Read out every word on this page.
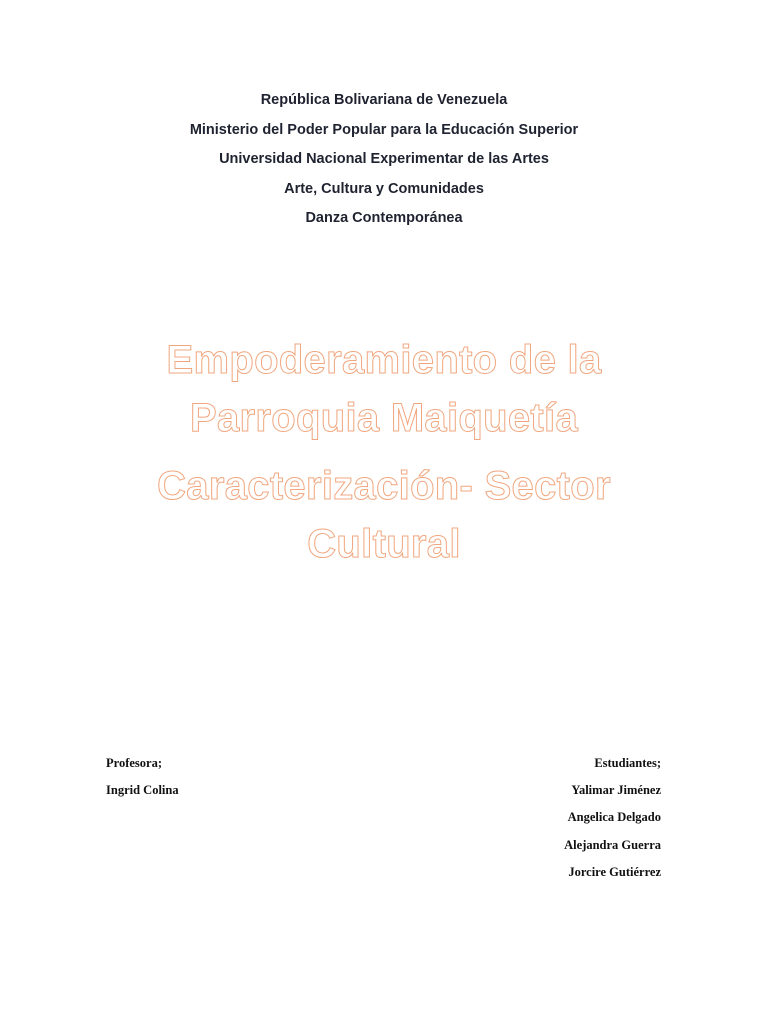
República Bolivariana de Venezuela
Ministerio del Poder Popular para la Educación Superior
Universidad Nacional Experimentar de las Artes
Arte, Cultura y Comunidades
Danza Contemporánea
Empoderamiento de la
Parroquia Maiquetía
Caracterización- Sector
Cultural
Profesora;
Ingrid Colina
Estudiantes;
Yalimar Jiménez
Angelica Delgado
Alejandra Guerra
Jorcire Gutiérrez
